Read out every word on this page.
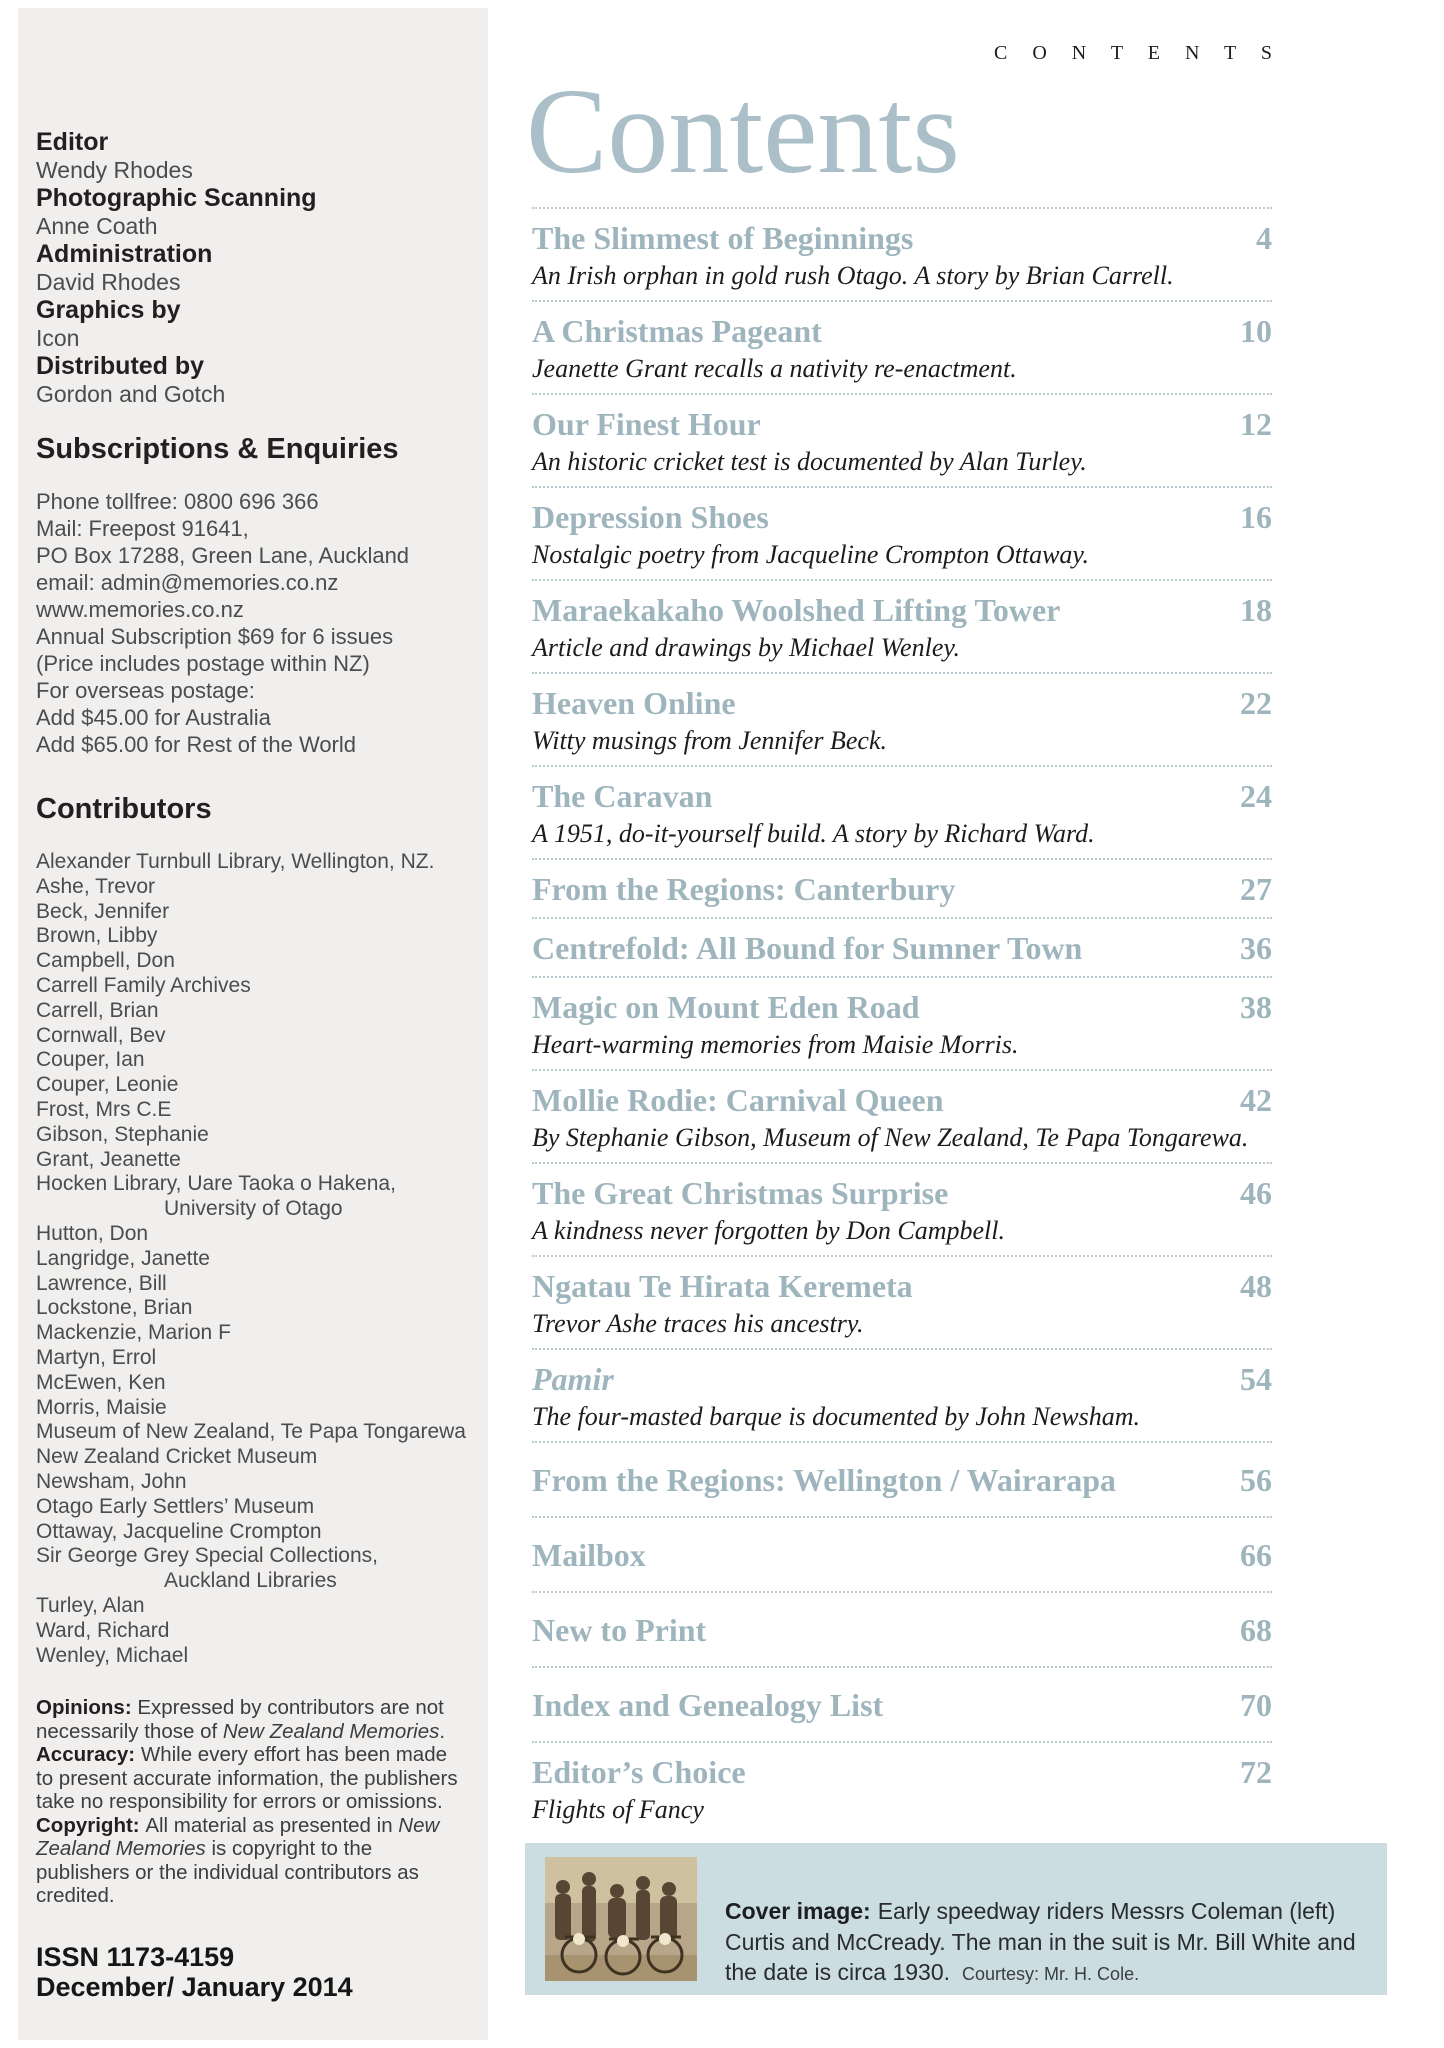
Editor
Wendy Rhodes
Photographic Scanning
Anne Coath
Administration
David Rhodes
Graphics by
Icon
Distributed by
Gordon and Gotch
Subscriptions & Enquiries
Phone tollfree: 0800 696 366
Mail: Freepost 91641,
PO Box 17288, Green Lane, Auckland
email: admin@memories.co.nz
www.memories.co.nz
Annual Subscription $69 for 6 issues
(Price includes postage within NZ)
For overseas postage:
Add $45.00 for Australia
Add $65.00 for Rest of the World
Contributors
Alexander Turnbull Library, Wellington, NZ.
Ashe, Trevor
Beck, Jennifer
Brown, Libby
Campbell, Don
Carrell Family Archives
Carrell, Brian
Cornwall, Bev
Couper, Ian
Couper, Leonie
Frost, Mrs C.E
Gibson, Stephanie
Grant, Jeanette
Hocken Library, Uare Taoka o Hakena,
University of Otago
Hutton, Don
Langridge, Janette
Lawrence, Bill
Lockstone, Brian
Mackenzie, Marion F
Martyn, Errol
McEwen, Ken
Morris, Maisie
Museum of New Zealand, Te Papa Tongarewa
New Zealand Cricket Museum
Newsham, John
Otago Early Settlers’ Museum
Ottaway, Jacqueline Crompton
Sir George Grey Special Collections,
Auckland Libraries
Turley, Alan
Ward, Richard
Wenley, Michael

Opinions: Expressed by contributors are not necessarily those of New Zealand Memories.

Accuracy: While every effort has been made to present accurate information, the publishers take no responsibility for errors or omissions.

Copyright: All material as presented in New Zealand Memories is copyright to the publishers or the individual contributors as credited.

ISSN 1173-4159
December/ January 2014
C O N T E N T S
Contents
The Slimmest of Beginnings	4
An Irish orphan in gold rush Otago. A story by Brian Carrell.
A Christmas Pageant	10
Jeanette Grant recalls a nativity re-enactment.
Our Finest Hour	12
An historic cricket test is documented by Alan Turley.
Depression Shoes	16
Nostalgic poetry from Jacqueline Crompton Ottaway.
Maraekakaho Woolshed Lifting Tower	18
Article and drawings by Michael Wenley.
Heaven Online	22
Witty musings from Jennifer Beck.
The Caravan	24
A 1951, do-it-yourself build. A story by Richard Ward.
From the Regions: Canterbury	27
Centrefold: All Bound for Sumner Town	36
Magic on Mount Eden Road	38
Heart-warming memories from Maisie Morris.
Mollie Rodie: Carnival Queen	42
By Stephanie Gibson, Museum of New Zealand, Te Papa Tongarewa.
The Great Christmas Surprise	46
A kindness never forgotten by Don Campbell.
Ngatau Te Hirata Keremeta	48
Trevor Ashe traces his ancestry.
Pamir	54
The four-masted barque is documented by John Newsham.
From the Regions: Wellington / Wairarapa	56
Mailbox	66
New to Print	68
Index and Genealogy List	70
Editor’s Choice	72
Flights of Fancy

Cover image: Early speedway riders Messrs Coleman (left) Curtis and McCready. The man in the suit is Mr. Bill White and the date is circa 1930. Courtesy: Mr. H. Cole.
